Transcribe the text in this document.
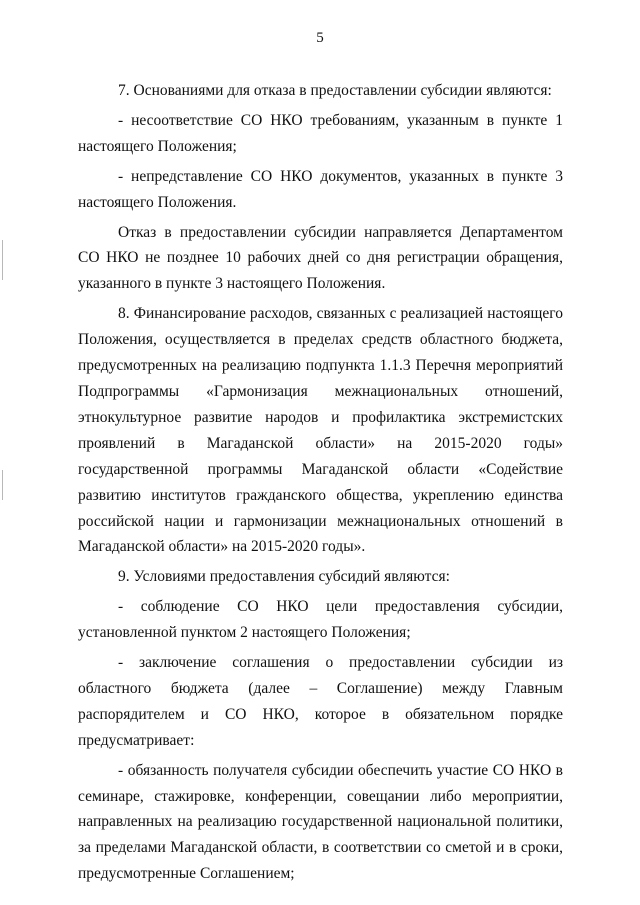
5

7. Основаниями для отказа в предоставлении субсидии являются:

- несоответствие СО НКО требованиям, указанным в пункте 1 настоящего Положения;

- непредставление СО НКО документов, указанных в пункте 3 настоящего Положения.

Отказ в предоставлении субсидии направляется Департаментом СО НКО не позднее 10 рабочих дней со дня регистрации обращения, указанного в пункте 3 настоящего Положения.

8. Финансирование расходов, связанных с реализацией настоящего Положения, осуществляется в пределах средств областного бюджета, предусмотренных на реализацию подпункта 1.1.3 Перечня мероприятий Подпрограммы «Гармонизация межнациональных отношений, этнокультурное развитие народов и профилактика экстремистских проявлений в Магаданской области» на 2015-2020 годы» государственной программы Магаданской области «Содействие развитию институтов гражданского общества, укреплению единства российской нации и гармонизации межнациональных отношений в Магаданской области» на 2015-2020 годы».

9. Условиями предоставления субсидий являются:

- соблюдение СО НКО цели предоставления субсидии, установленной пунктом 2 настоящего Положения;

- заключение соглашения о предоставлении субсидии из областного бюджета (далее – Соглашение) между Главным распорядителем и СО НКО, которое в обязательном порядке предусматривает:

- обязанность получателя субсидии обеспечить участие СО НКО в семинаре, стажировке, конференции, совещании либо мероприятии, направленных на реализацию государственной национальной политики, за пределами Магаданской области, в соответствии со сметой и в сроки, предусмотренные Соглашением;
